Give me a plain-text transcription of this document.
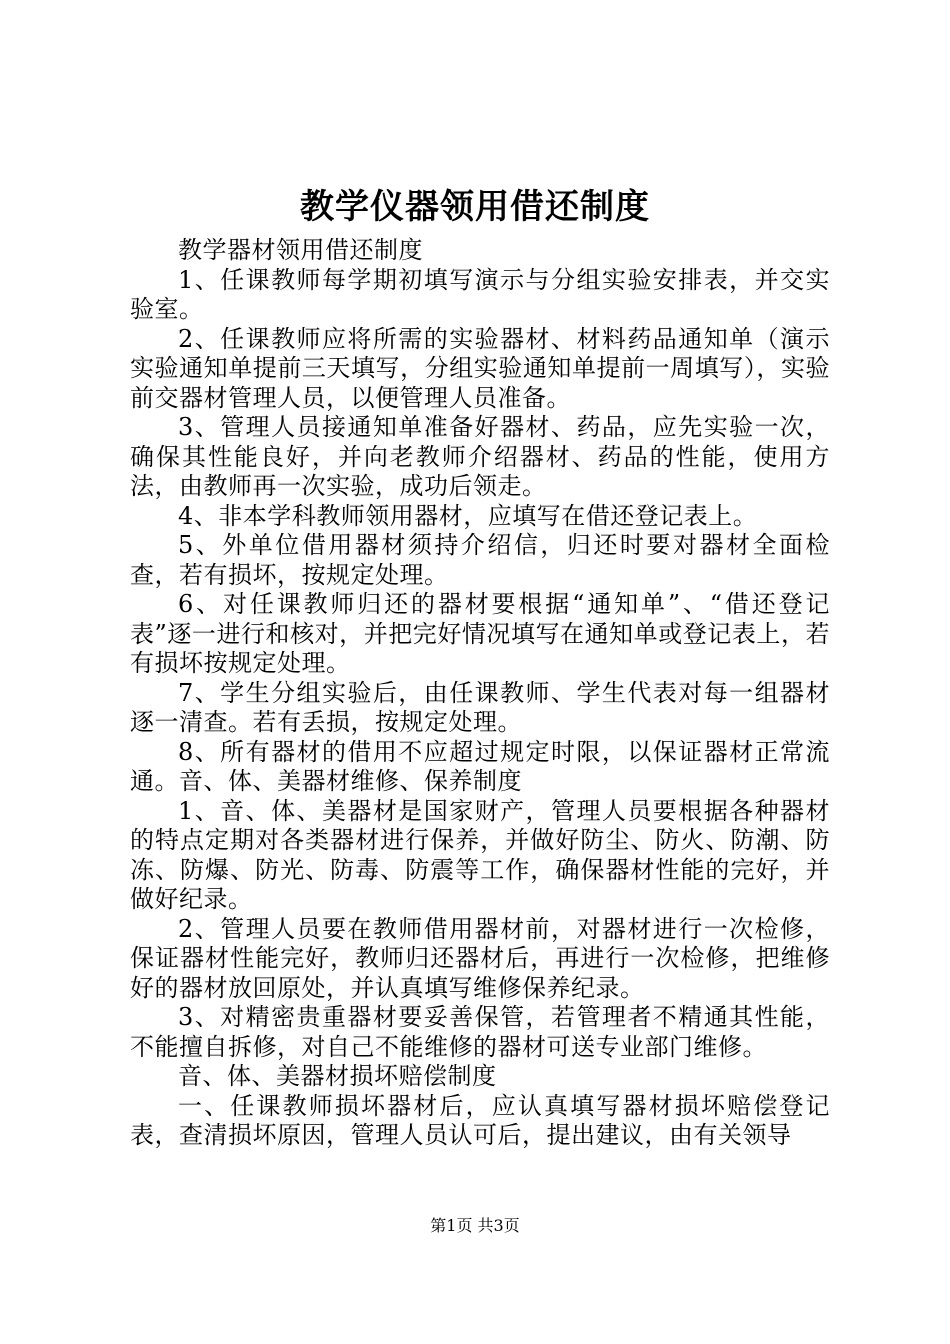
教学仪器领用借还制度

教学器材领用借还制度

1、任课教师每学期初填写演示与分组实验安排表，并交实验室。

2、任课教师应将所需的实验器材、材料药品通知单（演示实验通知单提前三天填写，分组实验通知单提前一周填写），实验前交器材管理人员，以便管理人员准备。

3、管理人员接通知单准备好器材、药品，应先实验一次，确保其性能良好，并向老教师介绍器材、药品的性能，使用方法，由教师再一次实验，成功后领走。

4、非本学科教师领用器材，应填写在借还登记表上。

5、外单位借用器材须持介绍信，归还时要对器材全面检查，若有损坏，按规定处理。

6、对任课教师归还的器材要根据“通知单”、“借还登记表”逐一进行和核对，并把完好情况填写在通知单或登记表上，若有损坏按规定处理。

7、学生分组实验后，由任课教师、学生代表对每一组器材逐一清查。若有丢损，按规定处理。

8、所有器材的借用不应超过规定时限，以保证器材正常流通。音、体、美器材维修、保养制度

1、音、体、美器材是国家财产，管理人员要根据各种器材的特点定期对各类器材进行保养，并做好防尘、防火、防潮、防冻、防爆、防光、防毒、防震等工作，确保器材性能的完好，并做好纪录。

2、管理人员要在教师借用器材前，对器材进行一次检修，保证器材性能完好，教师归还器材后，再进行一次检修，把维修好的器材放回原处，并认真填写维修保养纪录。

3、对精密贵重器材要妥善保管，若管理者不精通其性能，不能擅自拆修，对自己不能维修的器材可送专业部门维修。

音、体、美器材损坏赔偿制度

一、任课教师损坏器材后，应认真填写器材损坏赔偿登记表，查清损坏原因，管理人员认可后，提出建议，由有关领导

第1页 共3页
